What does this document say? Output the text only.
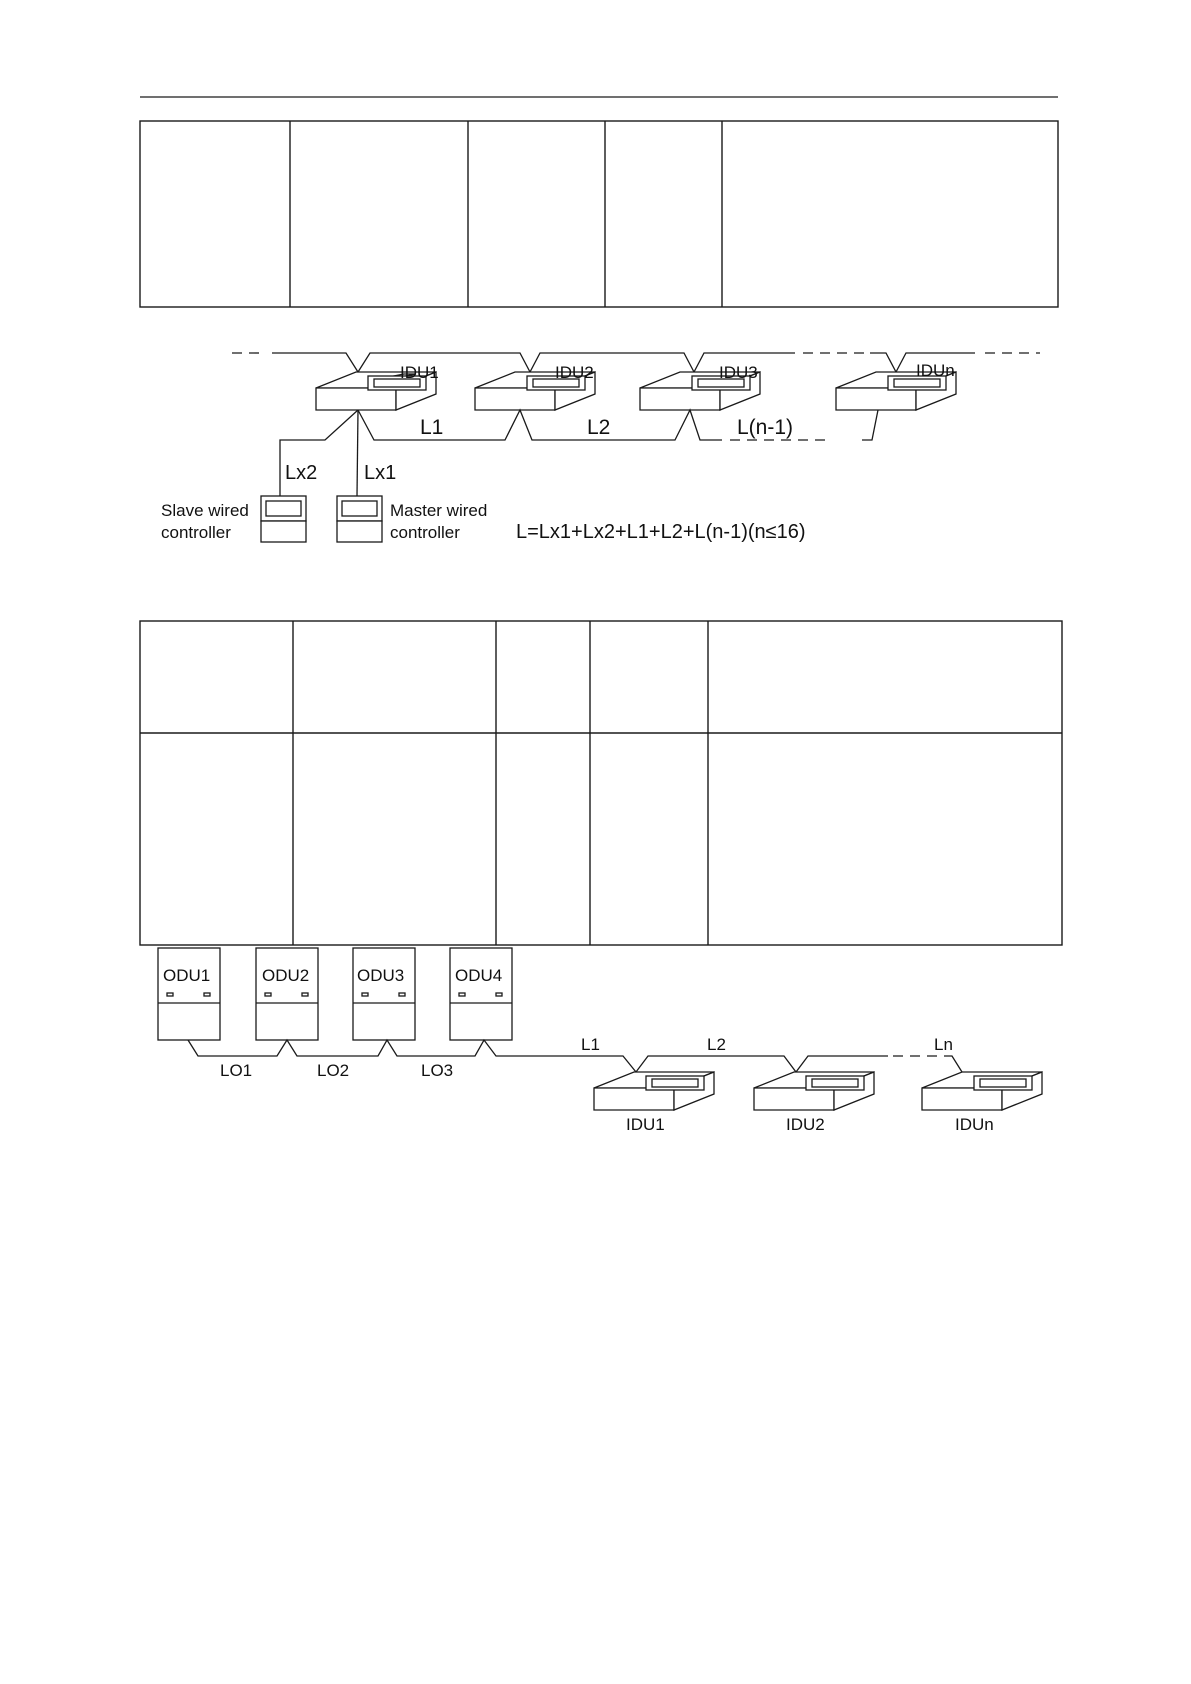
IDU1	IDU2	IDU3	IDUn
L1	L2	L(n-1)
Lx2 Lx1
Slave wired
controller
Master wired
controller	L=Lx1+Lx2+L1+L2+L(n-1)(n≤16)
ODU1	ODU2	ODU3	ODU4
LO1	LO2	LO3
L1	L2	Ln
IDU1	IDU2	IDUn
